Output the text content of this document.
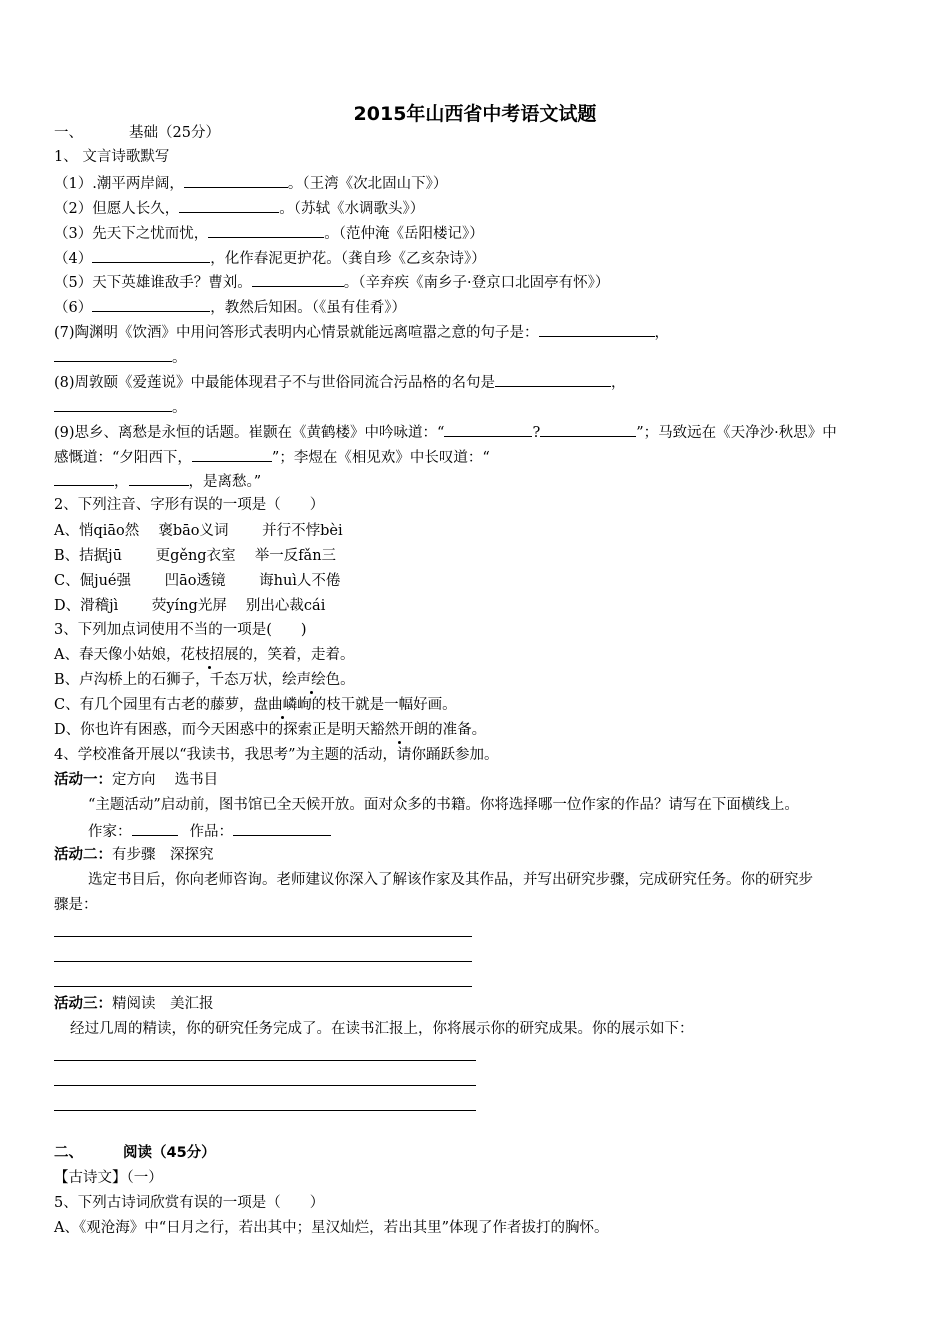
2015年山西省中考语文试题
一、	基础（25分）
1、 文言诗歌默写
（1）.潮平两岸阔，	。（王湾《次北固山下》）
（2）但愿人长久，	。（苏轼《水调歌头》）
（3）先天下之忧而忧，	。（范仲淹《岳阳楼记》）
（4）	，化作春泥更护花。（龚自珍《乙亥杂诗》）
（5）天下英雄谁敌手？曹刘。	。（辛弃疾《南乡子·登京口北固亭有怀》）
（6）	，教然后知困。（《虽有佳肴》）
(7)陶渊明《饮酒》中用问答形式表明内心情景就能远离喧嚣之意的句子是：	，
。
(8)周敦颐《爱莲说》中最能体现君子不与世俗同流合污品格的名句是	，
。
(9)思乡、离愁是永恒的话题。崔颢在《黄鹤楼》中吟咏道：“	?	”；马致远在《天净沙·秋思》中
感慨道：“夕阳西下，	”；李煜在《相见欢》中长叹道：“
，	，是离愁。”
2、下列注音、字形有误的一项是（　　）
A、悄qiāo然　 褒bāo义词　　 并行不悖bèi
B、拮据jū　　 更gěng衣室　 举一反fǎn三
C、倔jué强　　 凹āo透镜　　 诲huì人不倦
D、滑稽jì　　 荧yíng光屏　 别出心裁cái
3、下列加点词使用不当的一项是(　　)
A、春天像小姑娘，花枝招展的，笑着，走着。
B、卢沟桥上的石狮子，千态万状，绘声绘色。
C、有几个园里有古老的藤萝，盘曲嶙峋的枝干就是一幅好画。
D、你也许有困惑，而今天困惑中的探索正是明天豁然开朗的准备。
4、学校准备开展以“我读书，我思考”为主题的活动，请你踊跃参加。
活动一：定方向　 选书目
“主题活动”启动前，图书馆已全天候开放。面对众多的书籍。你将选择哪一位作家的作品？请写在下面横线上。
作家：	作品：
活动二：有步骤　深探究
选定书目后，你向老师咨询。老师建议你深入了解该作家及其作品，并写出研究步骤，完成研究任务。你的研究步
骤是：
活动三：精阅读　美汇报
经过几周的精读，你的研究任务完成了。在读书汇报上，你将展示你的研究成果。你的展示如下：
二、	阅读（45分）
【古诗文】（一）
5、下列古诗词欣赏有误的一项是（　　）
A、《观沧海》中“日月之行，若出其中；星汉灿烂，若出其里”体现了作者拔打的胸怀。
